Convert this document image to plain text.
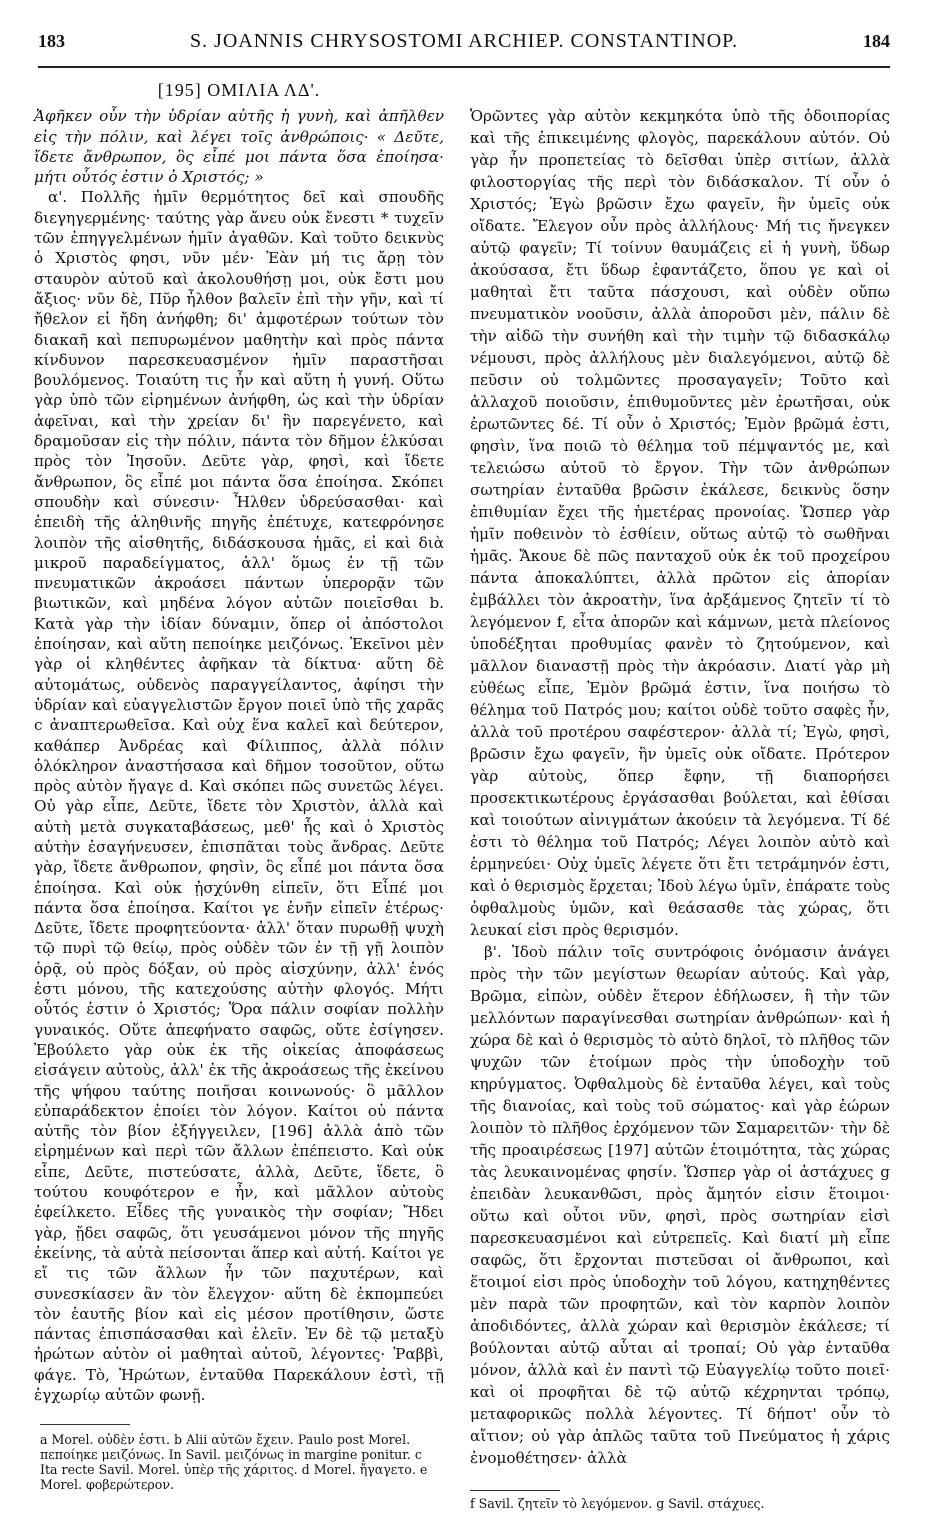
183	S. JOANNIS CHRYSOSTOMI ARCHIEP. CONSTANTINOP.	184
[195] ΟΜΙΛΙΑ ΛΔ'.

Ἀφῆκεν οὖν τὴν ὑδρίαν αὐτῆς ἡ γυνὴ, καὶ ἀπῆλθεν εἰς τὴν πόλιν, καὶ λέγει τοῖς ἀνθρώποις· « Δεῦτε, ἴδετε ἄνθρωπον, ὃς εἶπέ μοι πάντα ὅσα ἐποίησα· μήτι οὗτός ἐστιν ὁ Χριστός; »

α'. Πολλῆς ἡμῖν θερμότητος δεῖ καὶ σπουδῆς διεγηγερμένης· ταύτης γὰρ ἄνευ οὐκ ἔνεστι * τυχεῖν τῶν ἐπηγγελμένων ἡμῖν ἀγαθῶν. Καὶ τοῦτο δεικνὺς ὁ Χριστὸς φησι, νῦν μέν· Ἐὰν μή τις ἄρῃ τὸν σταυρὸν αὐτοῦ καὶ ἀκολουθήσῃ μοι, οὐκ ἔστι μου ἄξιος· νῦν δὲ, Πῦρ ἦλθον βαλεῖν ἐπὶ τὴν γῆν, καὶ τί ἤθελον εἰ ἤδη ἀνήφθη; δι' ἀμφοτέρων τούτων τὸν διακαῆ καὶ πεπυρωμένον μαθητὴν καὶ πρὸς πάντα κίνδυνον παρεσκευασμένον ἡμῖν παραστῆσαι βουλόμενος. Τοιαύτη τις ἦν καὶ αὕτη ἡ γυνή. Οὕτω γὰρ ὑπὸ τῶν εἰρημένων ἀνήφθη, ὡς καὶ τὴν ὑδρίαν ἀφεῖναι, καὶ τὴν χρείαν δι' ἣν παρεγένετο, καὶ δραμοῦσαν εἰς τὴν πόλιν, πάντα τὸν δῆμον ἑλκύσαι πρὸς τὸν Ἰησοῦν. Δεῦτε γὰρ, φησὶ, καὶ ἴδετε ἄνθρωπον, ὃς εἶπέ μοι πάντα ὅσα ἐποίησα. Σκόπει σπουδὴν καὶ σύνεσιν· Ἦλθεν ὑδρεύσασθαι· καὶ ἐπειδὴ τῆς ἀληθινῆς πηγῆς ἐπέτυχε, κατεφρόνησε λοιπὸν τῆς αἰσθητῆς, διδάσκουσα ἡμᾶς, εἰ καὶ διὰ μικροῦ παραδείγματος, ἀλλ' ὅμως ἐν τῇ τῶν πνευματικῶν ἀκροάσει πάντων ὑπερορᾷν τῶν βιωτικῶν, καὶ μηδένα λόγον αὐτῶν ποιεῖσθαι b. Κατὰ γὰρ τὴν ἰδίαν δύναμιν, ὅπερ οἱ ἀπόστολοι ἐποίησαν, καὶ αὕτη πεποίηκε μειζόνως. Ἐκεῖνοι μὲν γὰρ οἱ κληθέντες ἀφῆκαν τὰ δίκτυα· αὕτη δὲ αὐτομάτως, οὐδενὸς παραγγείλαντος, ἀφίησι τὴν ὑδρίαν καὶ εὐαγγελιστῶν ἔργον ποιεῖ ὑπὸ τῆς χαρᾶς c ἀναπτερωθεῖσα. Καὶ οὐχ ἕνα καλεῖ καὶ δεύτερον, καθάπερ Ἀνδρέας καὶ Φίλιππος, ἀλλὰ πόλιν ὁλόκληρον ἀναστήσασα καὶ δῆμον τοσοῦτον, οὕτω πρὸς αὐτὸν ἤγαγε d. Καὶ σκόπει πῶς συνετῶς λέγει. Οὐ γὰρ εἶπε, Δεῦτε, ἴδετε τὸν Χριστὸν, ἀλλὰ καὶ αὐτὴ μετὰ συγκαταβάσεως, μεθ' ἧς καὶ ὁ Χριστὸς αὐτὴν ἐσαγήνευσεν, ἐπισπᾶται τοὺς ἄνδρας. Δεῦτε γὰρ, ἴδετε ἄνθρωπον, φησὶν, ὃς εἶπέ μοι πάντα ὅσα ἐποίησα. Καὶ οὐκ ᾐσχύνθη εἰπεῖν, ὅτι Εἶπέ μοι πάντα ὅσα ἐποίησα. Καίτοι γε ἐνῆν εἰπεῖν ἑτέρως· Δεῦτε, ἴδετε προφητεύοντα· ἀλλ' ὅταν πυρωθῇ ψυχὴ τῷ πυρὶ τῷ θείῳ, πρὸς οὐδὲν τῶν ἐν τῇ γῇ λοιπὸν ὁρᾷ, οὐ πρὸς δόξαν, οὐ πρὸς αἰσχύνην, ἀλλ' ἑνός ἐστι μόνου, τῆς κατεχούσης αὐτὴν φλογός. Μήτι οὗτός ἐστιν ὁ Χριστός; Ὅρα πάλιν σοφίαν πολλὴν γυναικός. Οὔτε ἀπεφήνατο σαφῶς, οὔτε ἐσίγησεν. Ἐβούλετο γὰρ οὐκ ἐκ τῆς οἰκείας ἀποφάσεως εἰσάγειν αὐτοὺς, ἀλλ' ἐκ τῆς ἀκροάσεως τῆς ἐκείνου τῆς ψήφου ταύτης ποιῆσαι κοινωνούς· ὃ μᾶλλον εὐπαράδεκτον ἐποίει τὸν λόγον. Καίτοι οὐ πάντα αὐτῆς τὸν βίον ἐξήγγειλεν, [196] ἀλλὰ ἀπὸ τῶν εἰρημένων καὶ περὶ τῶν ἄλλων ἐπέπειστο. Καὶ οὐκ εἶπε, Δεῦτε, πιστεύσατε, ἀλλὰ, Δεῦτε, ἴδετε, ὃ τούτου κουφότερον e ἦν, καὶ μᾶλλον αὐτοὺς ἐφείλκετο. Εἶδες τῆς γυναικὸς τὴν σοφίαν; Ἤδει γὰρ, ᾔδει σαφῶς, ὅτι γευσάμενοι μόνον τῆς πηγῆς ἐκείνης, τὰ αὐτὰ πείσονται ἅπερ καὶ αὐτή. Καίτοι γε εἴ τις τῶν ἄλλων ἦν τῶν παχυτέρων, καὶ συνεσκίασεν ἂν τὸν ἔλεγχον· αὕτη δὲ ἐκπομπεύει τὸν ἑαυτῆς βίον καὶ εἰς μέσον προτίθησιν, ὥστε πάντας ἐπισπάσασθαι καὶ ἑλεῖν. Ἐν δὲ τῷ μεταξὺ ἠρώτων αὐτὸν οἱ μαθηταὶ αὐτοῦ, λέγοντες· Ῥαββὶ, φάγε. Τὸ, Ἠρώτων, ἐνταῦθα Παρεκάλουν ἐστὶ, τῇ ἐγχωρίῳ αὐτῶν φωνῇ.

Ὁρῶντες γὰρ αὐτὸν κεκμηκότα ὑπὸ τῆς ὁδοιπορίας καὶ τῆς ἐπικειμένης φλογὸς, παρεκάλουν αὐτόν. Οὐ γὰρ ἦν προπετείας τὸ δεῖσθαι ὑπὲρ σιτίων, ἀλλὰ φιλοστοργίας τῆς περὶ τὸν διδάσκαλον. Τί οὖν ὁ Χριστός; Ἐγὼ βρῶσιν ἔχω φαγεῖν, ἣν ὑμεῖς οὐκ οἴδατε. Ἔλεγον οὖν πρὸς ἀλλήλους· Μή τις ἤνεγκεν αὐτῷ φαγεῖν; Τί τοίνυν θαυμάζεις εἰ ἡ γυνὴ, ὕδωρ ἀκούσασα, ἔτι ὕδωρ ἐφαντάζετο, ὅπου γε καὶ οἱ μαθηταὶ ἔτι ταῦτα πάσχουσι, καὶ οὐδὲν οὔπω πνευματικὸν νοοῦσιν, ἀλλὰ ἀποροῦσι μὲν, πάλιν δὲ τὴν αἰδῶ τὴν συνήθη καὶ τὴν τιμὴν τῷ διδασκάλῳ νέμουσι, πρὸς ἀλλήλους μὲν διαλεγόμενοι, αὐτῷ δὲ πεῦσιν οὐ τολμῶντες προσαγαγεῖν; Τοῦτο καὶ ἀλλαχοῦ ποιοῦσιν, ἐπιθυμοῦντες μὲν ἐρωτῆσαι, οὐκ ἐρωτῶντες δέ. Τί οὖν ὁ Χριστός; Ἐμὸν βρῶμά ἐστι, φησὶν, ἵνα ποιῶ τὸ θέλημα τοῦ πέμψαντός με, καὶ τελειώσω αὐτοῦ τὸ ἔργον. Τὴν τῶν ἀνθρώπων σωτηρίαν ἐνταῦθα βρῶσιν ἐκάλεσε, δεικνὺς ὅσην ἐπιθυμίαν ἔχει τῆς ἡμετέρας προνοίας. Ὥσπερ γὰρ ἡμῖν ποθεινὸν τὸ ἐσθίειν, οὕτως αὐτῷ τὸ σωθῆναι ἡμᾶς. Ἄκουε δὲ πῶς πανταχοῦ οὐκ ἐκ τοῦ προχείρου πάντα ἀποκαλύπτει, ἀλλὰ πρῶτον εἰς ἀπορίαν ἐμβάλλει τὸν ἀκροατὴν, ἵνα ἀρξάμενος ζητεῖν τί τὸ λεγόμενον f, εἶτα ἀπορῶν καὶ κάμνων, μετὰ πλείονος ὑποδέξηται προθυμίας φανὲν τὸ ζητούμενον, καὶ μᾶλλον διαναστῇ πρὸς τὴν ἀκρόασιν. Διατί γὰρ μὴ εὐθέως εἶπε, Ἐμὸν βρῶμά ἐστιν, ἵνα ποιήσω τὸ θέλημα τοῦ Πατρός μου; καίτοι οὐδὲ τοῦτο σαφὲς ἦν, ἀλλὰ τοῦ προτέρου σαφέστερον· ἀλλὰ τί; Ἐγὼ, φησὶ, βρῶσιν ἔχω φαγεῖν, ἣν ὑμεῖς οὐκ οἴδατε. Πρότερον γὰρ αὐτοὺς, ὅπερ ἔφην, τῇ διαπορήσει προσεκτικωτέρους ἐργάσασθαι βούλεται, καὶ ἐθίσαι καὶ τοιούτων αἰνιγμάτων ἀκούειν τὰ λεγόμενα. Τί δέ ἐστι τὸ θέλημα τοῦ Πατρός; Λέγει λοιπὸν αὐτὸ καὶ ἑρμηνεύει· Οὐχ ὑμεῖς λέγετε ὅτι ἔτι τετράμηνόν ἐστι, καὶ ὁ θερισμὸς ἔρχεται; Ἰδοὺ λέγω ὑμῖν, ἐπάρατε τοὺς ὀφθαλμοὺς ὑμῶν, καὶ θεάσασθε τὰς χώρας, ὅτι λευκαί εἰσι πρὸς θερισμόν.

β'. Ἰδοὺ πάλιν τοῖς συντρόφοις ὀνόμασιν ἀνάγει πρὸς τὴν τῶν μεγίστων θεωρίαν αὐτούς. Καὶ γὰρ, Βρῶμα, εἰπὼν, οὐδὲν ἕτερον ἐδήλωσεν, ἢ τὴν τῶν μελλόντων παραγίνεσθαι σωτηρίαν ἀνθρώπων· καὶ ἡ χώρα δὲ καὶ ὁ θερισμὸς τὸ αὐτὸ δηλοῖ, τὸ πλῆθος τῶν ψυχῶν τῶν ἑτοίμων πρὸς τὴν ὑποδοχὴν τοῦ κηρύγματος. Ὀφθαλμοὺς δὲ ἐνταῦθα λέγει, καὶ τοὺς τῆς διανοίας, καὶ τοὺς τοῦ σώματος· καὶ γὰρ ἑώρων λοιπὸν τὸ πλῆθος ἐρχόμενον τῶν Σαμαρειτῶν· τὴν δὲ τῆς προαιρέσεως [197] αὐτῶν ἑτοιμότητα, τὰς χώρας τὰς λευκαινομένας φησίν. Ὥσπερ γὰρ οἱ ἀστάχυες g ἐπειδὰν λευκανθῶσι, πρὸς ἄμητόν εἰσιν ἕτοιμοι· οὕτω καὶ οὗτοι νῦν, φησὶ, πρὸς σωτηρίαν εἰσὶ παρεσκευασμένοι καὶ εὐτρεπεῖς. Καὶ διατί μὴ εἶπε σαφῶς, ὅτι ἔρχονται πιστεῦσαι οἱ ἄνθρωποι, καὶ ἕτοιμοί εἰσι πρὸς ὑποδοχὴν τοῦ λόγου, κατηχηθέντες μὲν παρὰ τῶν προφητῶν, καὶ τὸν καρπὸν λοιπὸν ἀποδιδόντες, ἀλλὰ χώραν καὶ θερισμὸν ἐκάλεσε; τί βούλονται αὐτῷ αὗται αἱ τροπαί; Οὐ γὰρ ἐνταῦθα μόνον, ἀλλὰ καὶ ἐν παντὶ τῷ Εὐαγγελίῳ τοῦτο ποιεῖ· καὶ οἱ προφῆται δὲ τῷ αὐτῷ κέχρηνται τρόπῳ, μεταφορικῶς πολλὰ λέγοντες. Τί δήποτ' οὖν τὸ αἴτιον; οὐ γὰρ ἁπλῶς ταῦτα τοῦ Πνεύματος ἡ χάρις ἐνομοθέτησεν· ἀλλὰ

a Morel. οὐδὲν ἐστι. b Alii αὐτῶν ἔχειν. Paulo post Morel. πεποίηκε μειζόνως. In Savil. μειζόνως in margine ponitur. c Ita recte Savil. Morel. ὑπὲρ τῆς χάριτος. d Morel. ἤγαγετο. e Morel. φοβερώτερον.
f Savil. ζητεῖν τὸ λεγόμενον. g Savil. στάχυες.
